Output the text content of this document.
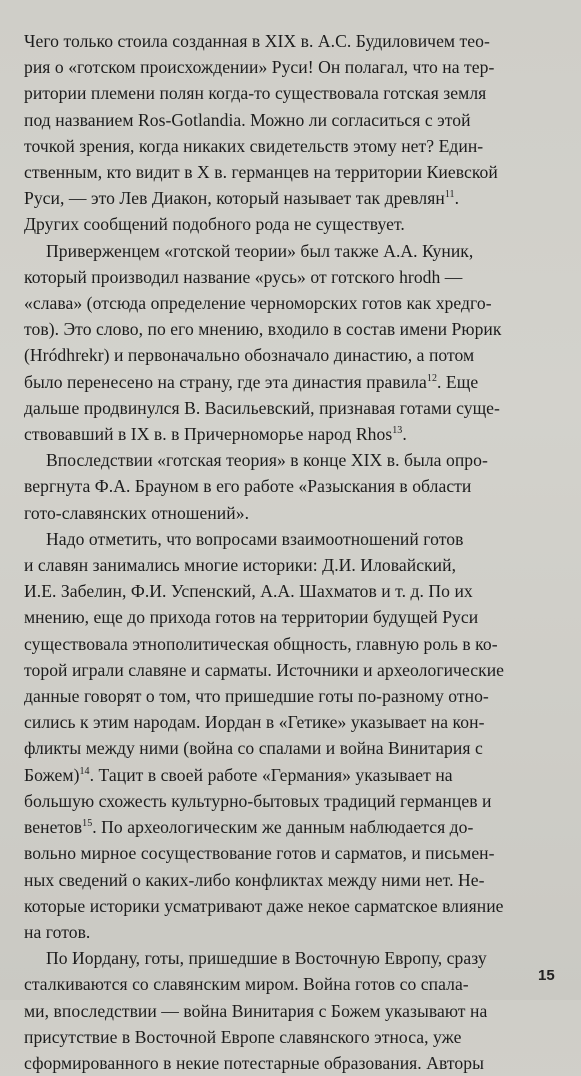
Чего только стоила созданная в XIX в. А.С. Будиловичем тео-
рия о «готском происхождении» Руси! Он полагал, что на тер-
ритории племени полян когда-то существовала готская земля
под названием Ros-Gotlandia. Можно ли согласиться с этой
точкой зрения, когда никаких свидетельств этому нет? Един-
ственным, кто видит в X в. германцев на территории Киевской
Руси, — это Лев Диакон, который называет так древлян$^{11}$.
Других сообщений подобного рода не существует.

Приверженцем «готской теории» был также А.А. Куник,
который производил название «русь» от готского hrodh —
«слава» (отсюда определение черноморских готов как хредго-
тов). Это слово, по его мнению, входило в состав имени Рюрик
(Hródhrekr) и первоначально обозначало династию, а потом
было перенесено на страну, где эта династия правила$^{12}$. Еще
дальше продвинулся В. Васильевский, признавая готами суще-
ствовавший в IX в. в Причерноморье народ Rhos$^{13}$.

Впоследствии «готская теория» в конце XIX в. была опро-
вергнута Ф.А. Брауном в его работе «Разыскания в области
гото-славянских отношений».

Надо отметить, что вопросами взаимоотношений готов
и славян занимались многие историки: Д.И. Иловайский,
И.Е. Забелин, Ф.И. Успенский, А.А. Шахматов и т. д. По их
мнению, еще до прихода готов на территории будущей Руси
существовала этнополитическая общность, главную роль в ко-
торой играли славяне и сарматы. Источники и археологические
данные говорят о том, что пришедшие готы по-разному отно-
сились к этим народам. Иордан в «Гетике» указывает на кон-
фликты между ними (война со спалами и война Винитария с
Божем)$^{14}$. Тацит в своей работе «Германия» указывает на
большую схожесть культурно-бытовых традиций германцев и
венетов$^{15}$. По археологическим же данным наблюдается до-
вольно мирное сосуществование готов и сарматов, и письмен-
ных сведений о каких-либо конфликтах между ними нет. Не-
которые историки усматривают даже некое сарматское влияние
на готов.

По Иордану, готы, пришедшие в Восточную Европу, сразу
сталкиваются со славянским миром. Война готов со спала-
ми, впоследствии — война Винитария с Божем указывают на
присутствие в Восточной Европе славянского этноса, уже
сформированного в некие потестарные образования. Авторы

15
